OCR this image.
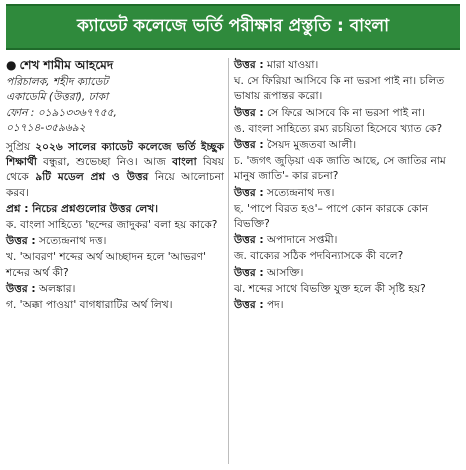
ক্যাডেট কলেজে ভর্তি পরীক্ষার প্রস্তুতি : বাংলা
● শেখ শামীম আহমেদ
পরিচালক, শহীদ ক্যাডেট
একাডেমি (উত্তরা), ঢাকা
ফোন : ০১৯১৩৩৬৭৭৫৫,
০১৭১৪-৩৫৯৬৯২
সুপ্রিয় ২০২৬ সালের ক্যাডেট কলেজে ভর্তি ইচ্ছুক শিক্ষার্থী বন্ধুরা, শুভেচ্ছা নিও। আজ বাংলা বিষয় থেকে ৯টি মডেল প্রশ্ন ও উত্তর নিয়ে আলোচনা করব।
প্রশ্ন : নিচের প্রশ্নগুলোর উত্তর লেখ।
ক. বাংলা সাহিত্যে 'ছন্দের জাদুকর' বলা হয় কাকে?
উত্তর : সত্যেন্দ্রনাথ দত্ত।
খ. 'আবরণ' শব্দের অর্থ আচ্ছাদন হলে 'আভরণ' শব্দের অর্থ কী?
উত্তর : অলঙ্কার।
গ. 'অক্কা পাওয়া' বাগধারাটির অর্থ লিখ।
উত্তর : মারা যাওয়া।
ঘ. সে ফিরিয়া আসিবে কি না ভরসা পাই না। চলিত ভাষায় রূপান্তর করো।
উত্তর : সে ফিরে আসবে কি না ভরসা পাই না।
ঙ. বাংলা সাহিত্যে রম্য রচয়িতা হিসেবে খ্যাত কে?
উত্তর : সৈয়দ মুজতবা আলী।
চ. 'জগৎ জুড়িয়া এক জাতি আছে, সে জাতির নাম মানুষ জাতি'- কার রচনা?
উত্তর : সত্যেন্দ্রনাথ দত্ত।
ছ. 'পাপে বিরত হও'– পাপে কোন কারকে কোন বিভক্তি?
উত্তর : অপাদানে সপ্তমী।
জ. বাক্যের সঠিক পদবিন্যাসকে কী বলে?
উত্তর : আসক্তি।
ঝ. শব্দের সাথে বিভক্তি যুক্ত হলে কী সৃষ্টি হয়?
উত্তর : পদ।
